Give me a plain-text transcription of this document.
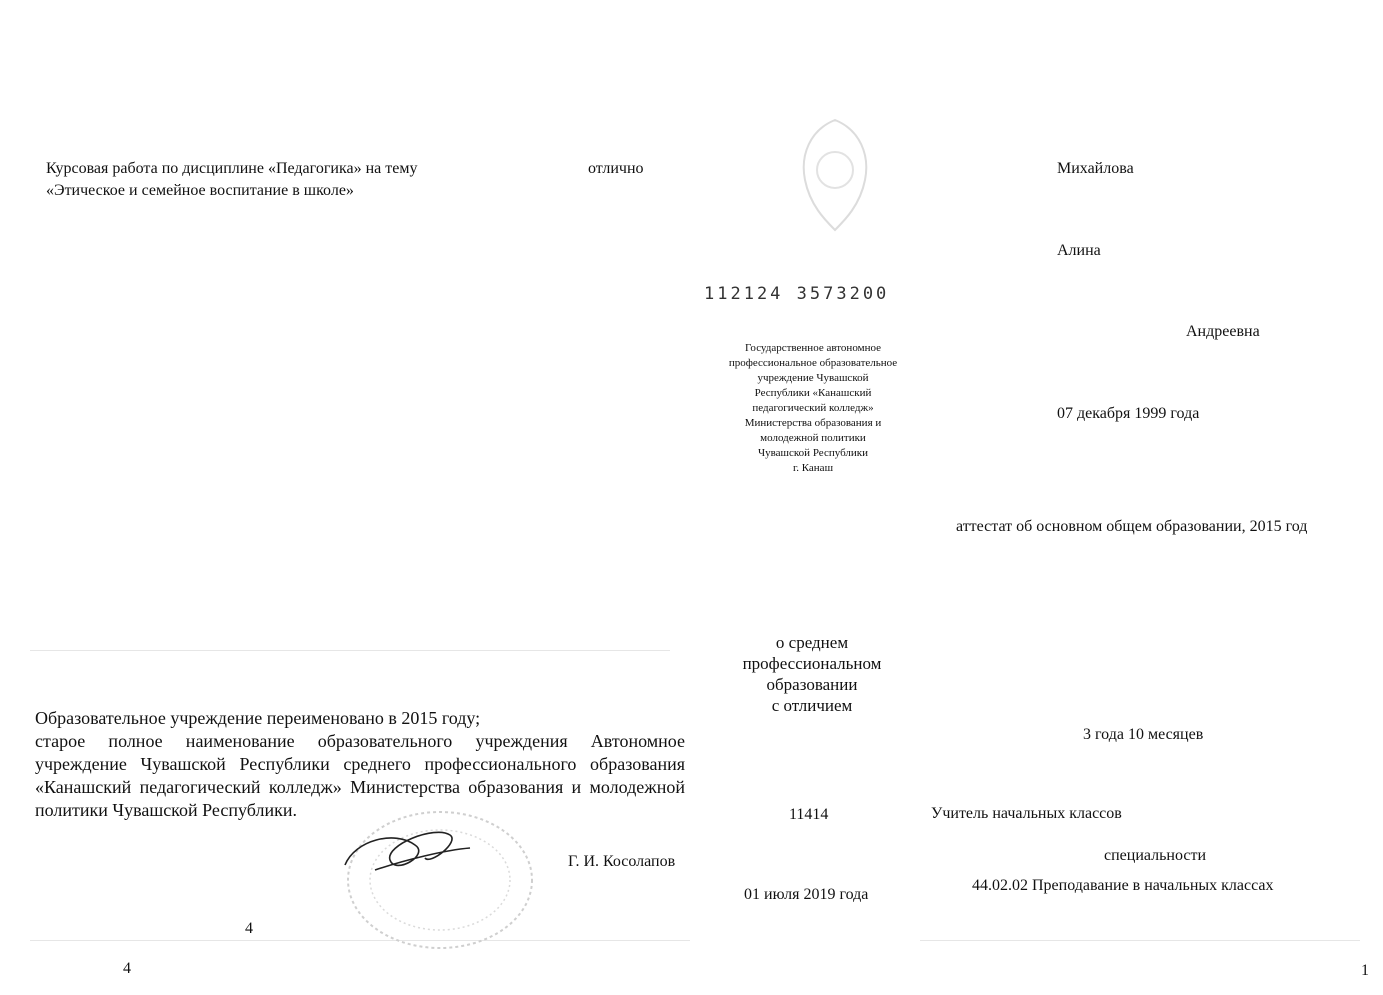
Курсовая работа по дисциплине «Педагогика» на тему
«Этическое и семейное воспитание в школе»
отлично

Образовательное учреждение переименовано в 2015 году;

старое полное наименование образовательного учреждения Автономное учреждение Чувашской Республики среднего профессионального образования «Канашский педагогический колледж» Министерства образования и молодежной политики Чувашской Республики.

Г. И. Косолапов
4
4
112124 3573200
Государственное автономное
профессиональное образовательное
учреждение Чувашской
Республики «Канашский
педагогический колледж»
Министерства образования и
молодежной политики
Чувашской Республики
г. Канаш
о среднем
профессиональном
образовании
с отличием
11414
01 июля 2019 года
Михайлова
Алина
Андреевна
07 декабря 1999 года
аттестат об основном общем образовании, 2015 год
3 года 10 месяцев
Учитель начальных классов
специальности
44.02.02 Преподавание в начальных классах
1
